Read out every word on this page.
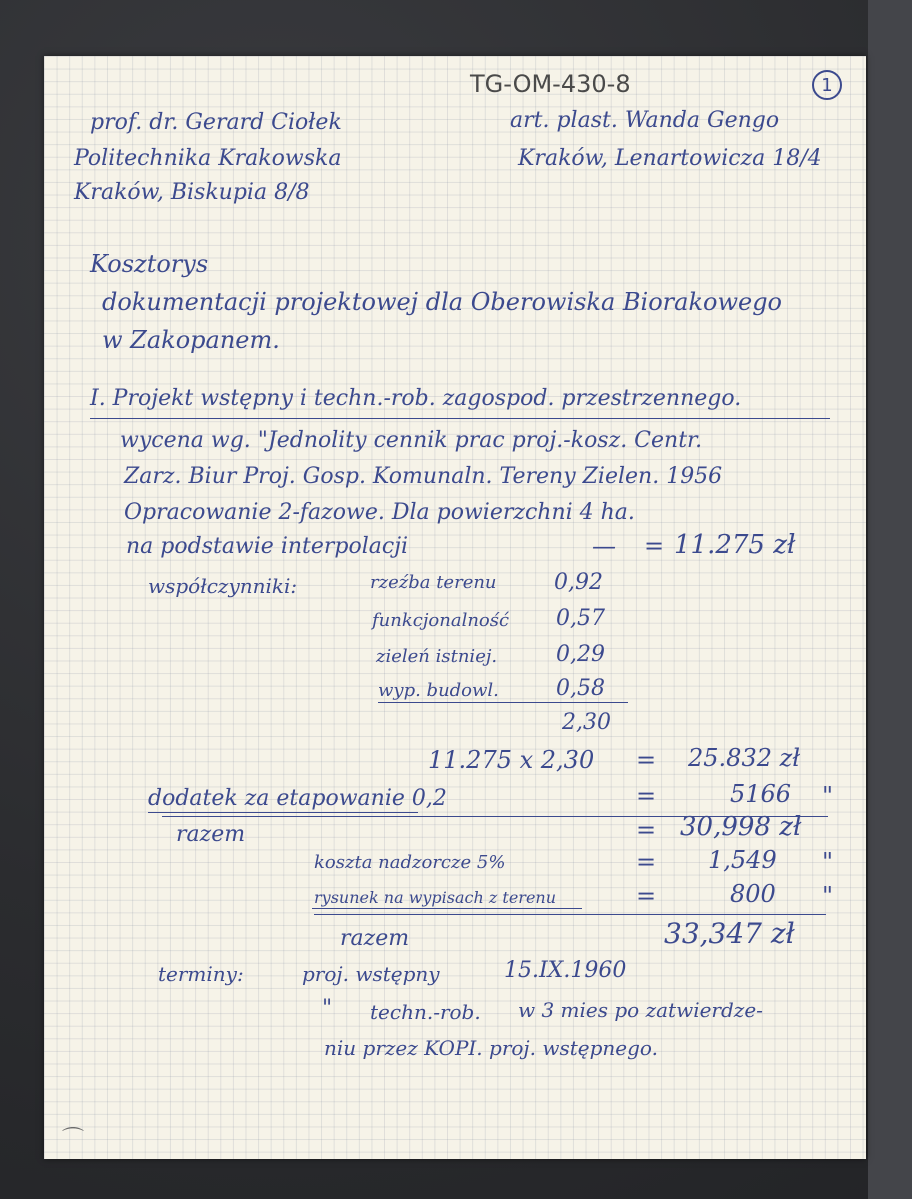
TG-OM-430-8	1
prof. dr. Gerard Ciołek
Politechnika Krakowska
Kraków, Biskupia 8/8
art. plast. Wanda Gengo
Kraków, Lenartowicza 18/4
Kosztorys
dokumentacji projektowej dla Oberowiska Biorakowego
w Zakopanem.
I. Projekt wstępny i techn.-rob. zagospod. przestrzennego.
wycena wg. "Jednolity cennik prac proj.-kosz. Centr.
Zarz. Biur Proj. Gosp. Komunaln. Tereny Zielen. 1956
Opracowanie 2-fazowe. Dla powierzchni 4 ha.
na podstawie interpolacji	— = 11.275 zł
współczynniki:	rzeźba terenu	0,92
funkcjonalność 0,57
zieleń istniej.	0,29
wyp. budowl.	0,58
2,30
11.275 x 2,30 = 25.832 zł
dodatek za etapowanie 0,2	=	5166 "
razem	= 30,998 zł
koszta nadzorcze 5%	= 1,549 "
rysunek na wypisach z terenu	=	800 "
razem	33,347 zł
terminy:	proj. wstępny	15.IX.1960
" techn.-rob. w 3 mies po zatwierdze-
niu przez KOPI. proj. wstępnego.
⌒
